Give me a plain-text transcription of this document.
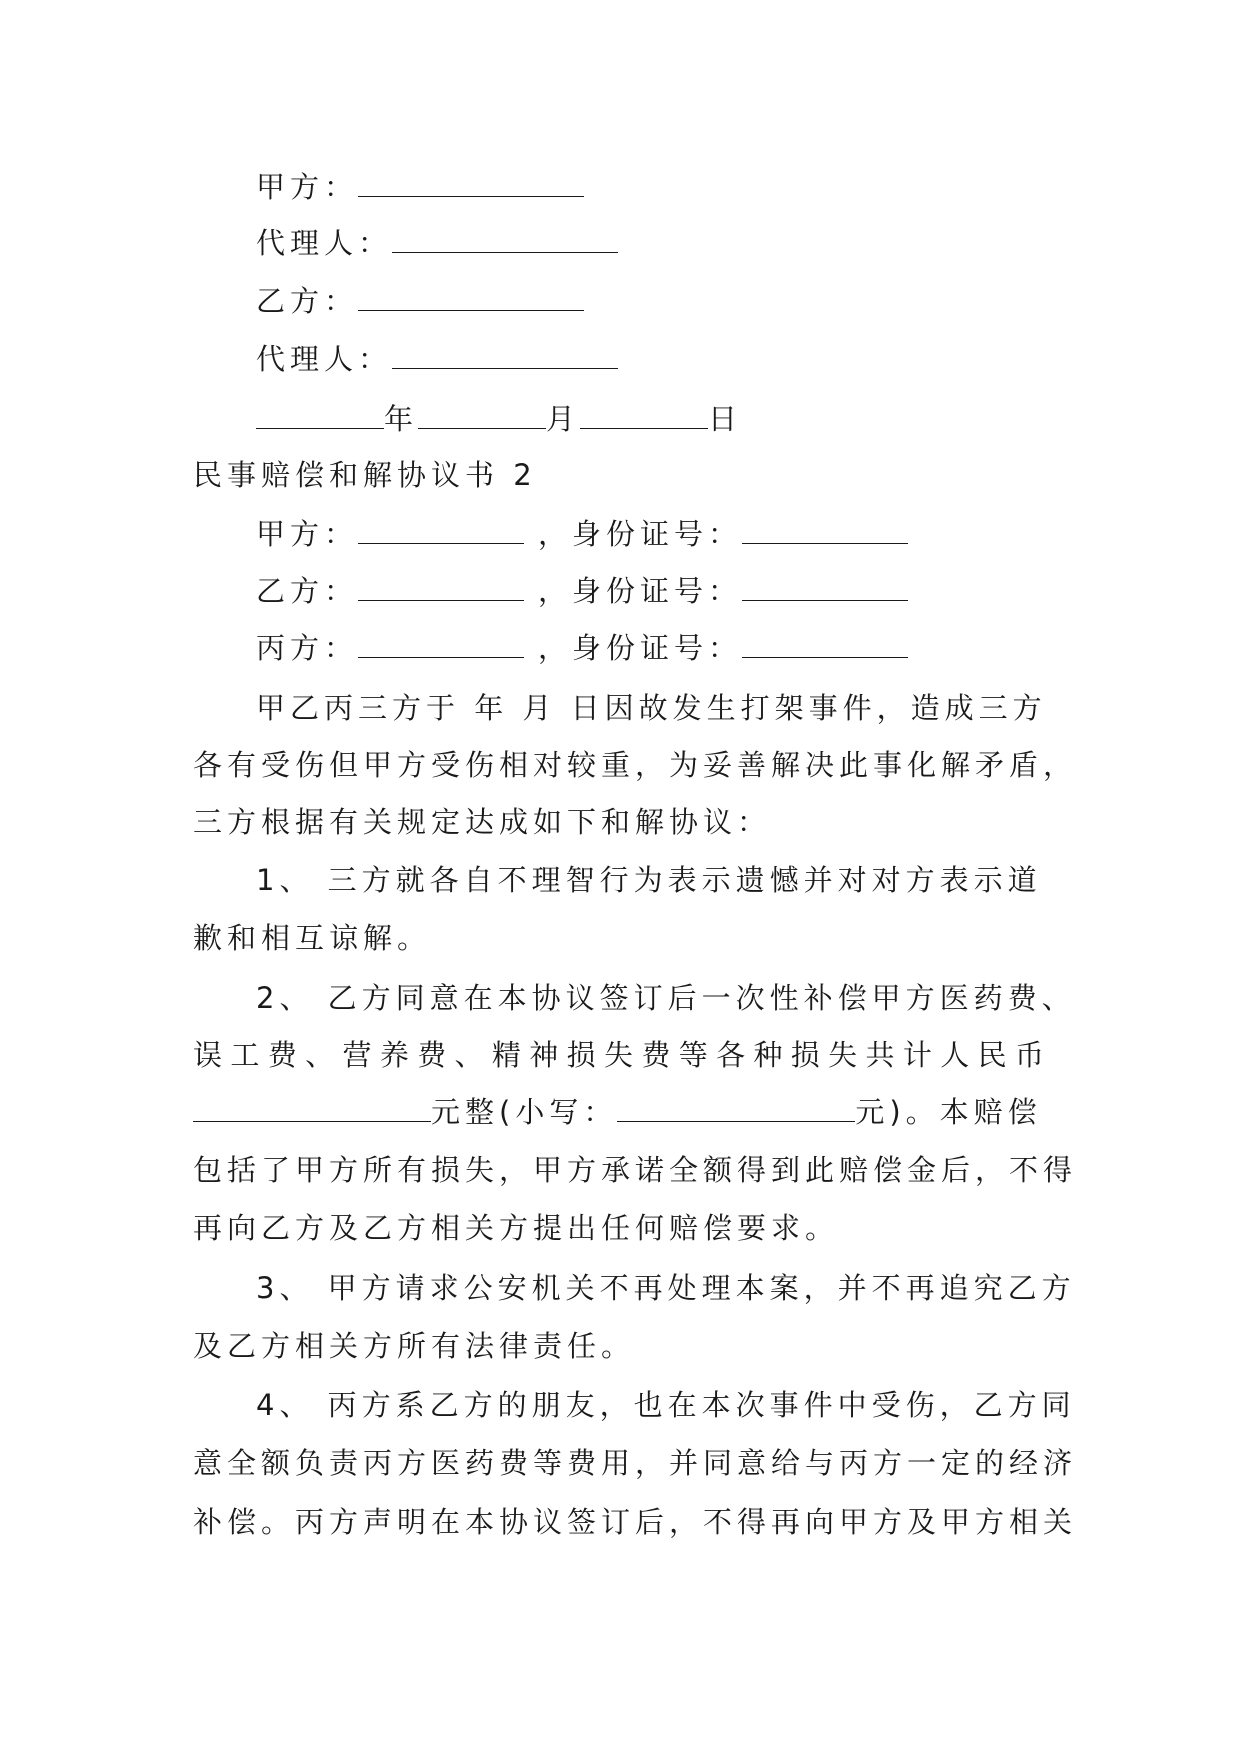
甲方：
代理人：
乙方：
代理人：
年	月	日
民事赔偿和解协议书 2
甲方：	，身份证号：
乙方：	，身份证号：
丙方：	，身份证号：
甲乙丙三方于 年 月 日因故发生打架事件，造成三方
各有受伤但甲方受伤相对较重，为妥善解决此事化解矛盾，
三方根据有关规定达成如下和解协议：
1、 三方就各自不理智行为表示遗憾并对对方表示道
歉和相互谅解。
2、 乙方同意在本协议签订后一次性补偿甲方医药费、
误工费、营养费、精神损失费等各种损失共计人民币
元整(小写：	元)。本赔偿
包括了甲方所有损失，甲方承诺全额得到此赔偿金后，不得
再向乙方及乙方相关方提出任何赔偿要求。
3、 甲方请求公安机关不再处理本案，并不再追究乙方
及乙方相关方所有法律责任。
4、 丙方系乙方的朋友，也在本次事件中受伤，乙方同
意全额负责丙方医药费等费用，并同意给与丙方一定的经济
补偿。丙方声明在本协议签订后，不得再向甲方及甲方相关
